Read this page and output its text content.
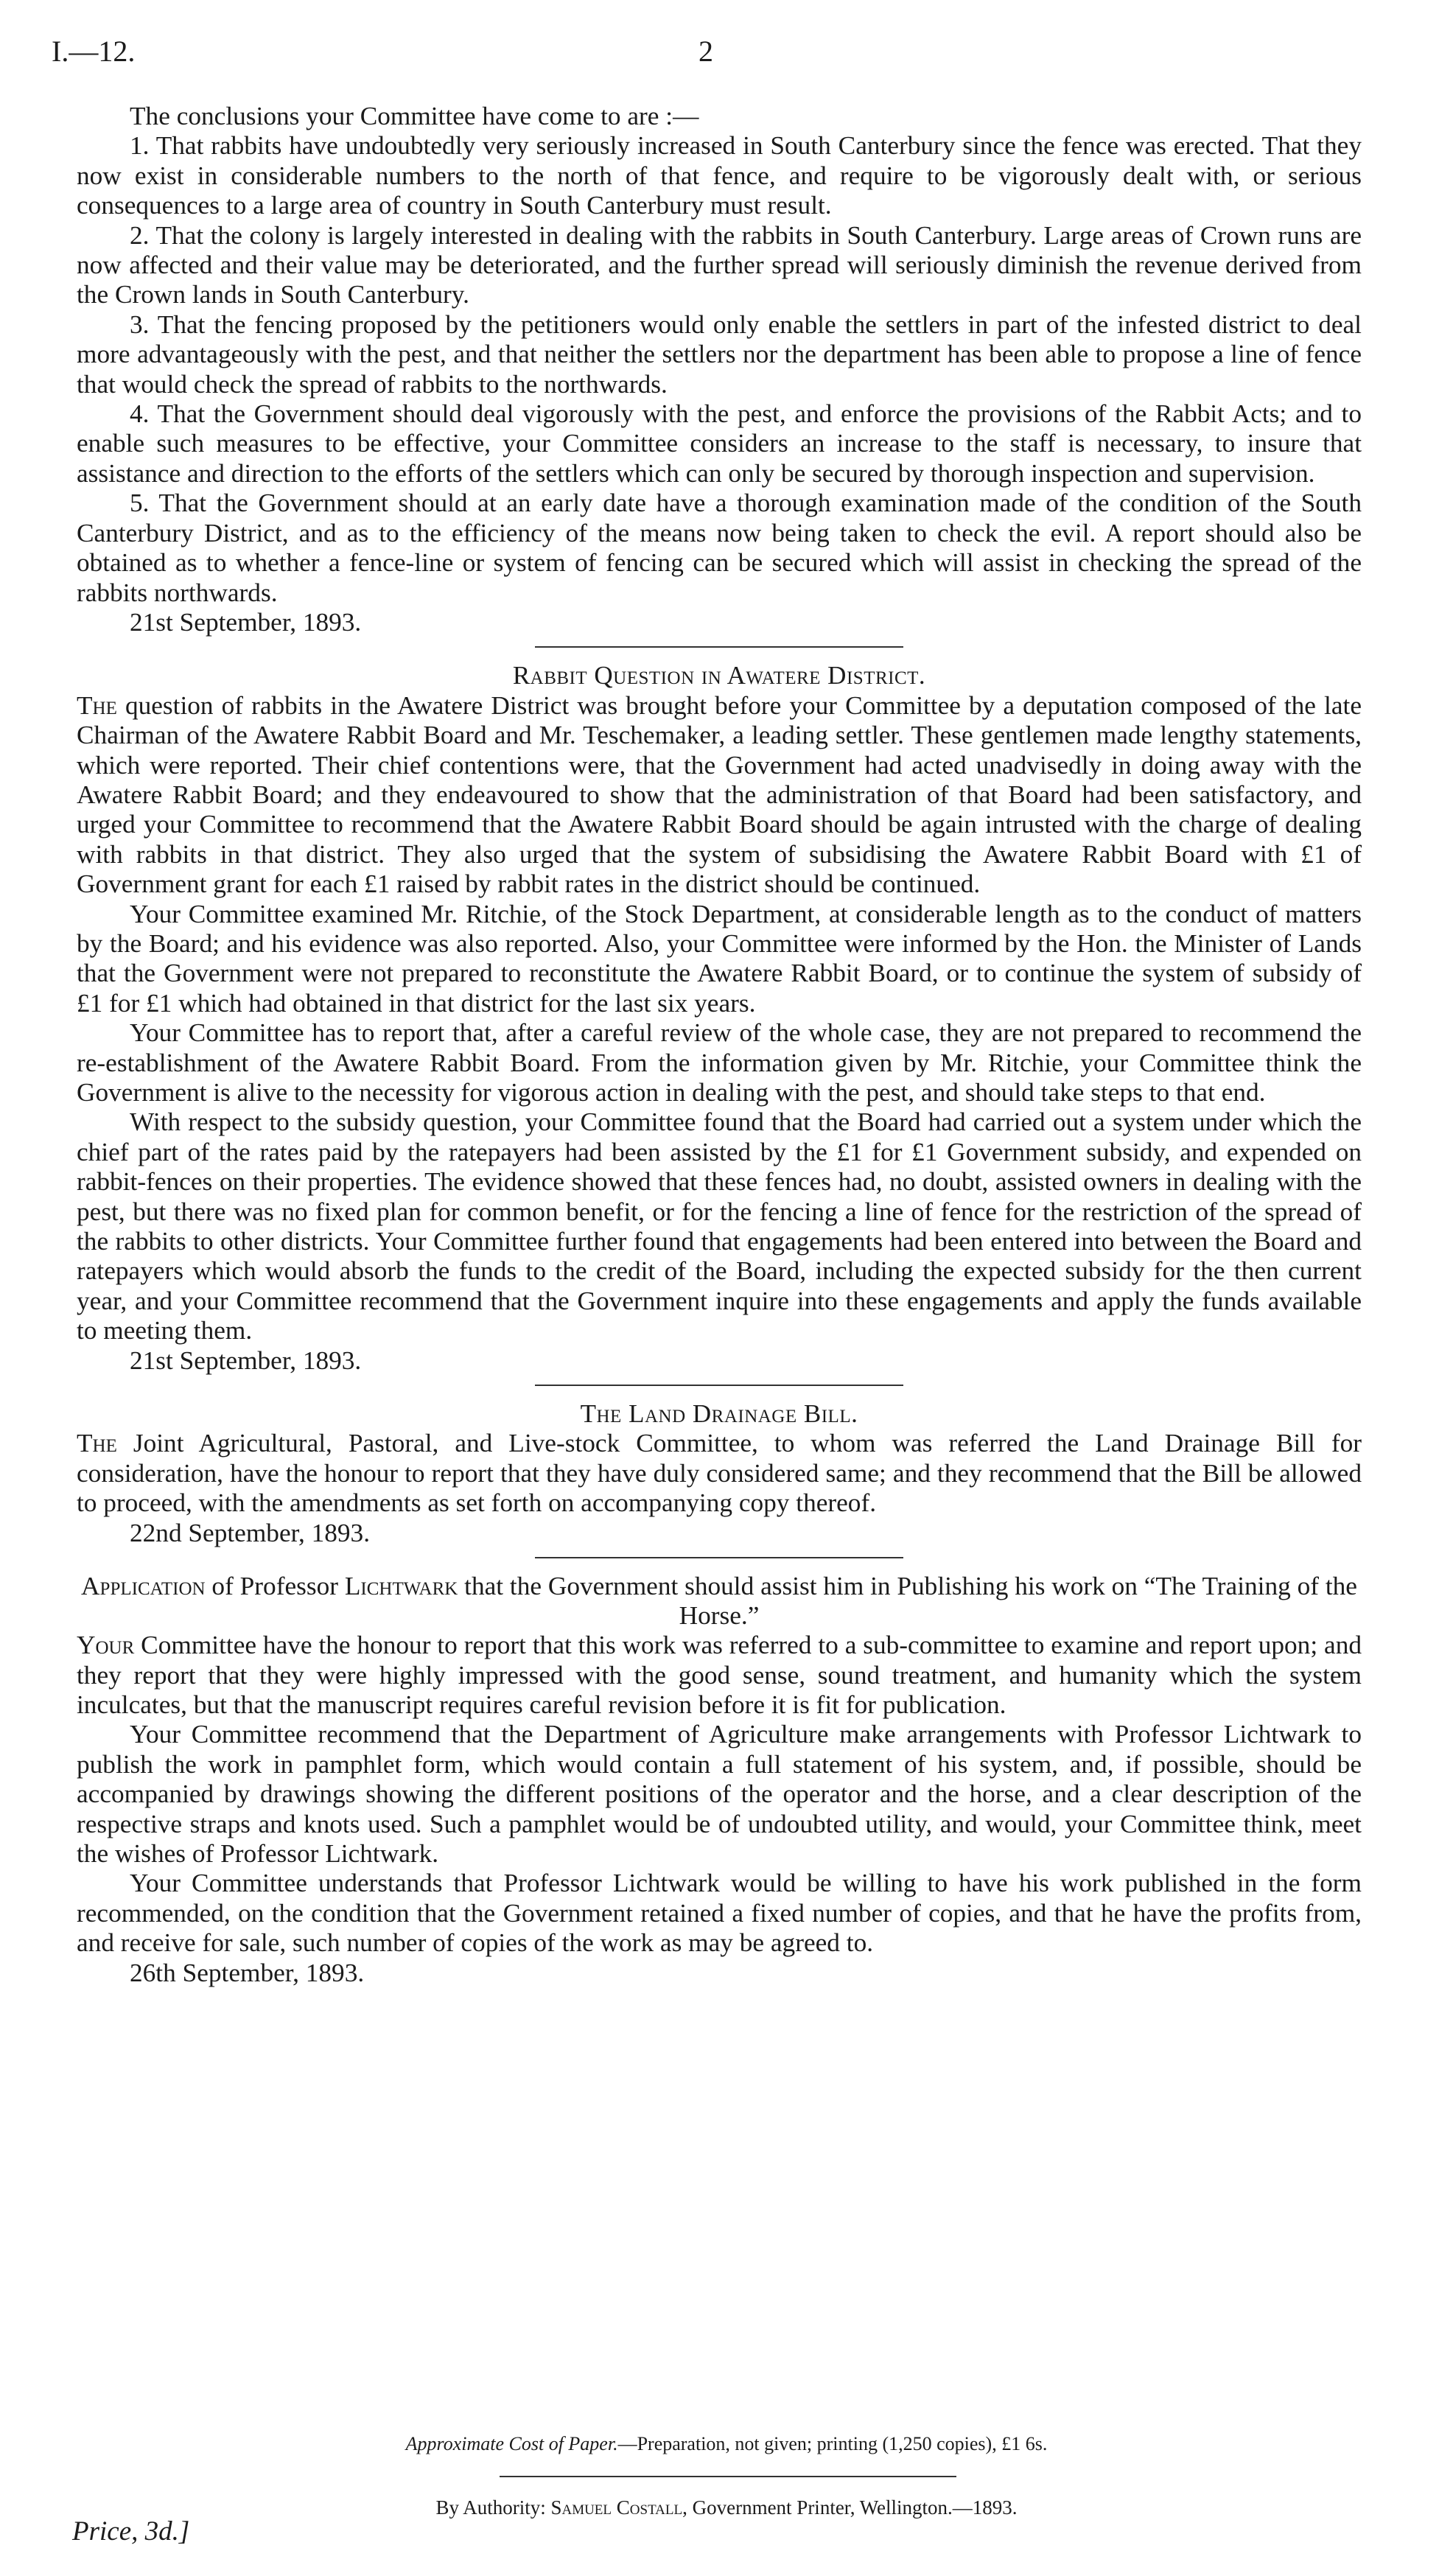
I.—12.	2

The conclusions your Committee have come to are :—

1. That rabbits have undoubtedly very seriously increased in South Canterbury since the fence was erected. That they now exist in considerable numbers to the north of that fence, and require to be vigorously dealt with, or serious consequences to a large area of country in South Canterbury must result.

2. That the colony is largely interested in dealing with the rabbits in South Canterbury. Large areas of Crown runs are now affected and their value may be deteriorated, and the further spread will seriously diminish the revenue derived from the Crown lands in South Canterbury.

3. That the fencing proposed by the petitioners would only enable the settlers in part of the infested district to deal more advantageously with the pest, and that neither the settlers nor the department has been able to propose a line of fence that would check the spread of rabbits to the northwards.

4. That the Government should deal vigorously with the pest, and enforce the provisions of the Rabbit Acts; and to enable such measures to be effective, your Committee considers an increase to the staff is necessary, to insure that assistance and direction to the efforts of the settlers which can only be secured by thorough inspection and supervision.

5. That the Government should at an early date have a thorough examination made of the condition of the South Canterbury District, and as to the efficiency of the means now being taken to check the evil. A report should also be obtained as to whether a fence-line or system of fencing can be secured which will assist in checking the spread of the rabbits northwards.

21st September, 1893.

Rabbit Question in Awatere District.

The question of rabbits in the Awatere District was brought before your Committee by a deputation composed of the late Chairman of the Awatere Rabbit Board and Mr. Teschemaker, a leading settler. These gentlemen made lengthy statements, which were reported. Their chief contentions were, that the Government had acted unadvisedly in doing away with the Awatere Rabbit Board; and they endeavoured to show that the administration of that Board had been satisfactory, and urged your Committee to recommend that the Awatere Rabbit Board should be again intrusted with the charge of dealing with rabbits in that district. They also urged that the system of subsidising the Awatere Rabbit Board with £1 of Government grant for each £1 raised by rabbit rates in the district should be continued.

Your Committee examined Mr. Ritchie, of the Stock Department, at considerable length as to the conduct of matters by the Board; and his evidence was also reported. Also, your Committee were informed by the Hon. the Minister of Lands that the Government were not prepared to reconstitute the Awatere Rabbit Board, or to continue the system of subsidy of £1 for £1 which had obtained in that district for the last six years.

Your Committee has to report that, after a careful review of the whole case, they are not prepared to recommend the re-establishment of the Awatere Rabbit Board. From the information given by Mr. Ritchie, your Committee think the Government is alive to the necessity for vigorous action in dealing with the pest, and should take steps to that end.

With respect to the subsidy question, your Committee found that the Board had carried out a system under which the chief part of the rates paid by the ratepayers had been assisted by the £1 for £1 Government subsidy, and expended on rabbit-fences on their properties. The evidence showed that these fences had, no doubt, assisted owners in dealing with the pest, but there was no fixed plan for common benefit, or for the fencing a line of fence for the restriction of the spread of the rabbits to other districts. Your Committee further found that engagements had been entered into between the Board and ratepayers which would absorb the funds to the credit of the Board, including the expected subsidy for the then current year, and your Committee recommend that the Government inquire into these engagements and apply the funds available to meeting them.

21st September, 1893.

The Land Drainage Bill.

The Joint Agricultural, Pastoral, and Live-stock Committee, to whom was referred the Land Drainage Bill for consideration, have the honour to report that they have duly considered same; and they recommend that the Bill be allowed to proceed, with the amendments as set forth on accompanying copy thereof.

22nd September, 1893.

Application of Professor Lichtwark that the Government should assist him in Publishing his work on “The Training of the Horse.”

Your Committee have the honour to report that this work was referred to a sub-committee to examine and report upon; and they report that they were highly impressed with the good sense, sound treatment, and humanity which the system inculcates, but that the manuscript requires careful revision before it is fit for publication.

Your Committee recommend that the Department of Agriculture make arrangements with Professor Lichtwark to publish the work in pamphlet form, which would contain a full statement of his system, and, if possible, should be accompanied by drawings showing the different positions of the operator and the horse, and a clear description of the respective straps and knots used. Such a pamphlet would be of undoubted utility, and would, your Committee think, meet the wishes of Professor Lichtwark.

Your Committee understands that Professor Lichtwark would be willing to have his work published in the form recommended, on the condition that the Government retained a fixed number of copies, and that he have the profits from, and receive for sale, such number of copies of the work as may be agreed to.

26th September, 1893.

Approximate Cost of Paper.—Preparation, not given; printing (1,250 copies), £1 6s.
By Authority: Samuel Costall, Government Printer, Wellington.—1893.
Price, 3d.]
